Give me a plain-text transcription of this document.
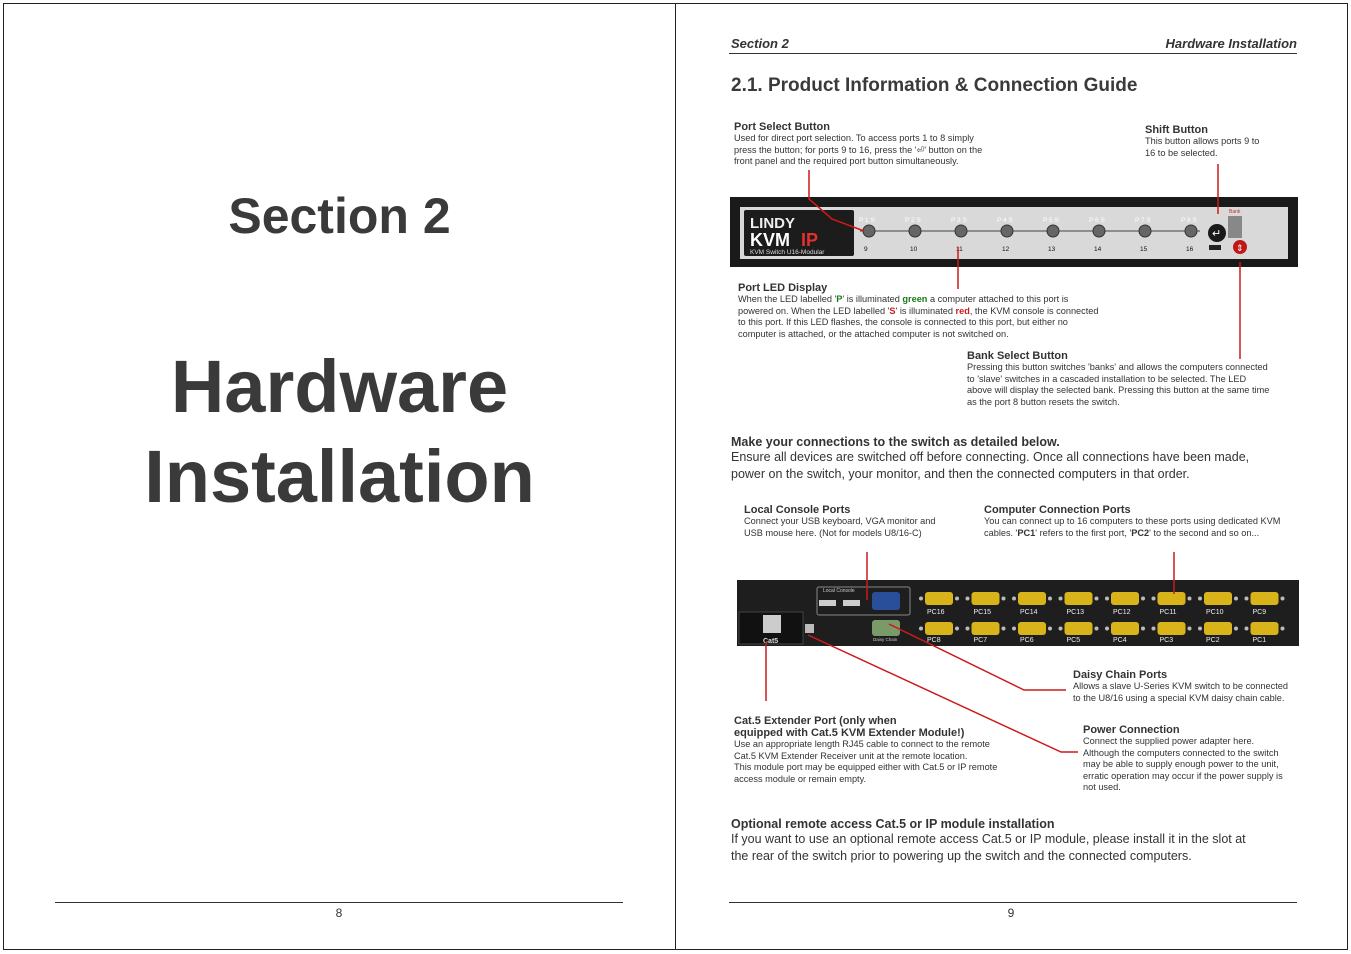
Section 2
Hardware
Installation
8
Section 2	Hardware Installation
2.1. Product Information & Connection Guide
Port Select Button
Used for direct port selection. To access ports 1 to 8 simply
press the button; for ports 9 to 16, press the '⏎' button on the
front panel and the required port button simultaneously.
Shift Button
This button allows ports 9 to
16 to be selected.
LINDY
KVM IP
KVM Switch U16-Modular
P 1 S	P 2 S	P 3 S	P 4 S	P 5 S	P 6 S	P 7 S	P 8 S
9	10	11	12	13	14	15	16
Bank
↵
⇕
Port LED Display
When the LED labelled 'P' is illuminated green a computer attached to this port is
powered on. When the LED labelled 'S' is illuminated red, the KVM console is connected
to this port. If this LED flashes, the console is connected to this port, but either no
computer is attached, or the attached computer is not switched on.
Bank Select Button
Pressing this button switches 'banks' and allows the computers connected
to 'slave' switches in a cascaded installation to be selected. The LED
above will display the selected bank. Pressing this button at the same time
as the port 8 button resets the switch.
Make your connections to the switch as detailed below.
Ensure all devices are switched off before connecting. Once all connections have been made,
power on the switch, your monitor, and then the connected computers in that order.
Local Console Ports
Connect your USB keyboard, VGA monitor and
USB mouse here. (Not for models U8/16-C)
Computer Connection Ports
You can connect up to 16 computers to these ports using dedicated KVM
cables. 'PC1' refers to the first port, 'PC2' to the second and so on...
Cat5
Local Console
Daisy Chain
PC16	PC15	PC14	PC13	PC12	PC11	PC10	PC9
PC8	PC7	PC6	PC5	PC4	PC3	PC2	PC1
Daisy Chain Ports
Allows a slave U-Series KVM switch to be connected
to the U8/16 using a special KVM daisy chain cable.
Cat.5 Extender Port (only when
equipped with Cat.5 KVM Extender Module!)
Use an appropriate length RJ45 cable to connect to the remote
Cat.5 KVM Extender Receiver unit at the remote location.
This module port may be equipped either with Cat.5 or IP remote
access module or remain empty.
Power Connection
Connect the supplied power adapter here.
Although the computers connected to the switch
may be able to supply enough power to the unit,
erratic operation may occur if the power supply is
not used.
Optional remote access Cat.5 or IP module installation
If you want to use an optional remote access Cat.5 or IP module, please install it in the slot at
the rear of the switch prior to powering up the switch and the connected computers.
9
